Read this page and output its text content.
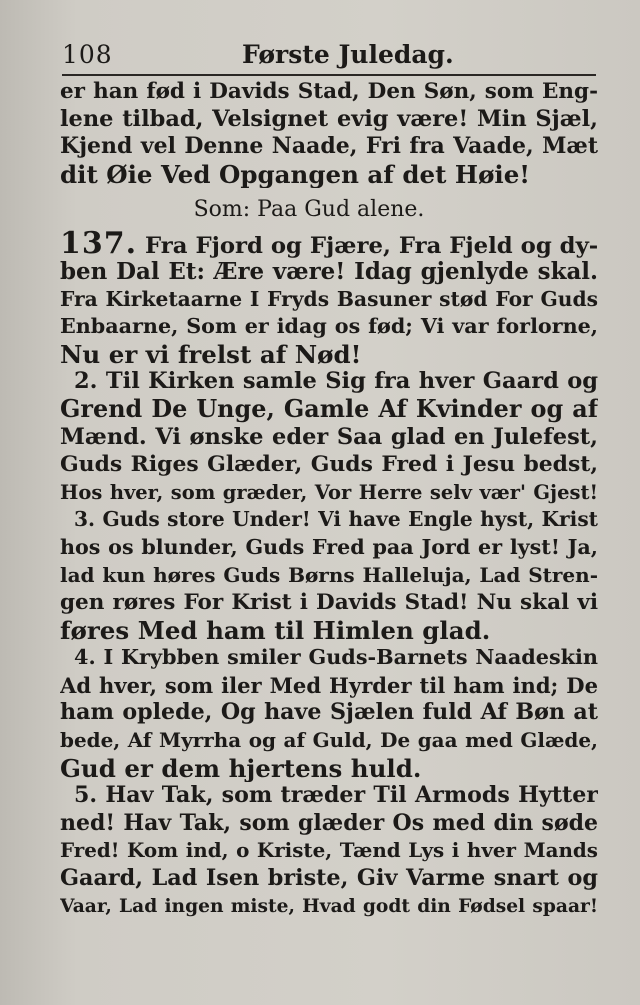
108	Første Juledag.
er han fød i Davids Stad, Den Søn, som Eng-
lene tilbad, Velsignet evig være! Min Sjæl,
Kjend vel Denne Naade, Fri fra Vaade, Mæt
dit Øie Ved Opgangen af det Høie!
Som: Paa Gud alene.
137. Fra Fjord og Fjære, Fra Fjeld og dy-
ben Dal Et: Ære være! Idag gjenlyde skal.
Fra Kirketaarne I Fryds Basuner stød For Guds
Enbaarne, Som er idag os fød; Vi var forlorne,
Nu er vi frelst af Nød!
2. Til Kirken samle Sig fra hver Gaard og
Grend De Unge, Gamle Af Kvinder og af
Mænd. Vi ønske eder Saa glad en Julefest,
Guds Riges Glæder, Guds Fred i Jesu bedst,
Hos hver, som græder, Vor Herre selv vær' Gjest!
3. Guds store Under! Vi have Engle hyst, Krist
hos os blunder, Guds Fred paa Jord er lyst! Ja,
lad kun høres Guds Børns Halleluja, Lad Stren-
gen røres For Krist i Davids Stad! Nu skal vi
føres Med ham til Himlen glad.
4. I Krybben smiler Guds-Barnets Naadeskin
Ad hver, som iler Med Hyrder til ham ind; De
ham oplede, Og have Sjælen fuld Af Bøn at
bede, Af Myrrha og af Guld, De gaa med Glæde,
Gud er dem hjertens huld.
5. Hav Tak, som træder Til Armods Hytter
ned! Hav Tak, som glæder Os med din søde
Fred! Kom ind, o Kriste, Tænd Lys i hver Mands
Gaard, Lad Isen briste, Giv Varme snart og
Vaar, Lad ingen miste, Hvad godt din Fødsel spaar!
